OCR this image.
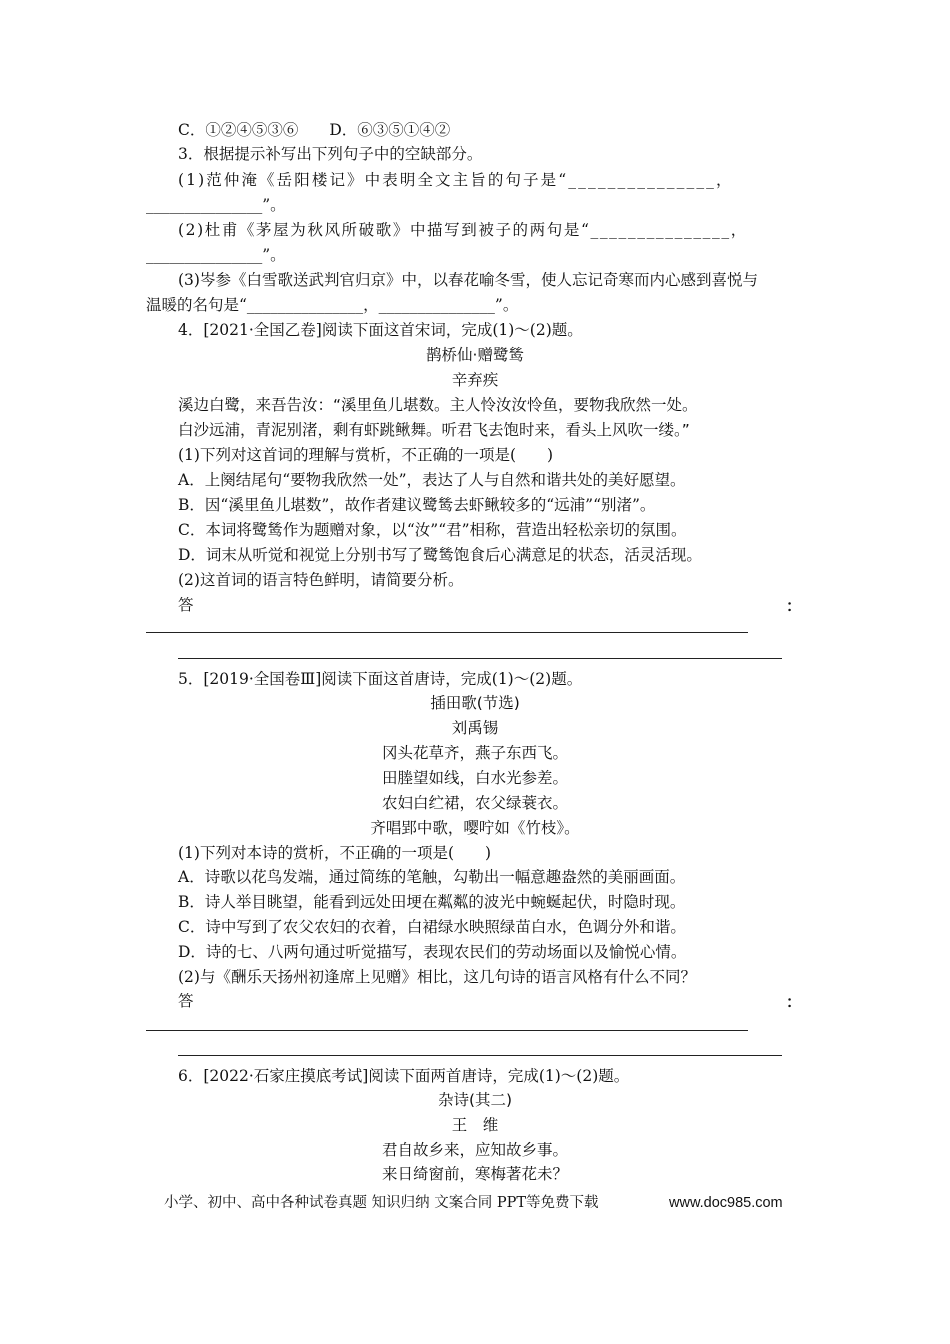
C．①②④⑤③⑥　　D．⑥③⑤①④②
3．根据提示补写出下列句子中的空缺部分。
(1)范仲淹《岳阳楼记》中表明全文主旨的句子是“_______________，
_______________”。
(2)杜甫《茅屋为秋风所破歌》中描写到被子的两句是“_______________，
_______________”。
(3)岑参《白雪歌送武判官归京》中，以春花喻冬雪，使人忘记奇寒而内心感到喜悦与
温暖的名句是“_______________，_______________”。
4．[2021·全国乙卷]阅读下面这首宋词，完成(1)～(2)题。
鹊桥仙·赠鹭鸶
辛弃疾
溪边白鹭，来吾告汝：“溪里鱼儿堪数。主人怜汝汝怜鱼，要物我欣然一处。
白沙远浦，青泥别渚，剩有虾跳鳅舞。听君飞去饱时来，看头上风吹一缕。”
(1)下列对这首词的理解与赏析，不正确的一项是(　　)
A．上阕结尾句“要物我欣然一处”，表达了人与自然和谐共处的美好愿望。
B．因“溪里鱼儿堪数”，故作者建议鹭鸶去虾鳅较多的“远浦”“别渚”。
C．本词将鹭鸶作为题赠对象，以“汝”“君”相称，营造出轻松亲切的氛围。
D．词末从听觉和视觉上分别书写了鹭鸶饱食后心满意足的状态，活灵活现。
(2)这首词的语言特色鲜明，请简要分析。
答	：
5．[2019·全国卷Ⅲ]阅读下面这首唐诗，完成(1)～(2)题。
插田歌(节选)
刘禹锡
冈头花草齐，燕子东西飞。
田塍望如线，白水光参差。
农妇白纻裙，农父绿蓑衣。
齐唱郢中歌，嘤咛如《竹枝》。
(1)下列对本诗的赏析，不正确的一项是(　　)
A．诗歌以花鸟发端，通过简练的笔触，勾勒出一幅意趣盎然的美丽画面。
B．诗人举目眺望，能看到远处田埂在粼粼的波光中蜿蜒起伏，时隐时现。
C．诗中写到了农父农妇的衣着，白裙绿水映照绿苗白水，色调分外和谐。
D．诗的七、八两句通过听觉描写，表现农民们的劳动场面以及愉悦心情。
(2)与《酬乐天扬州初逢席上见赠》相比，这几句诗的语言风格有什么不同？
答	：
6．[2022·石家庄摸底考试]阅读下面两首唐诗，完成(1)～(2)题。
杂诗(其二)
王　维
君自故乡来，应知故乡事。
来日绮窗前，寒梅著花未？
小学、初中、高中各种试卷真题 知识归纳 文案合同 PPT等免费下载	www.doc985.com
